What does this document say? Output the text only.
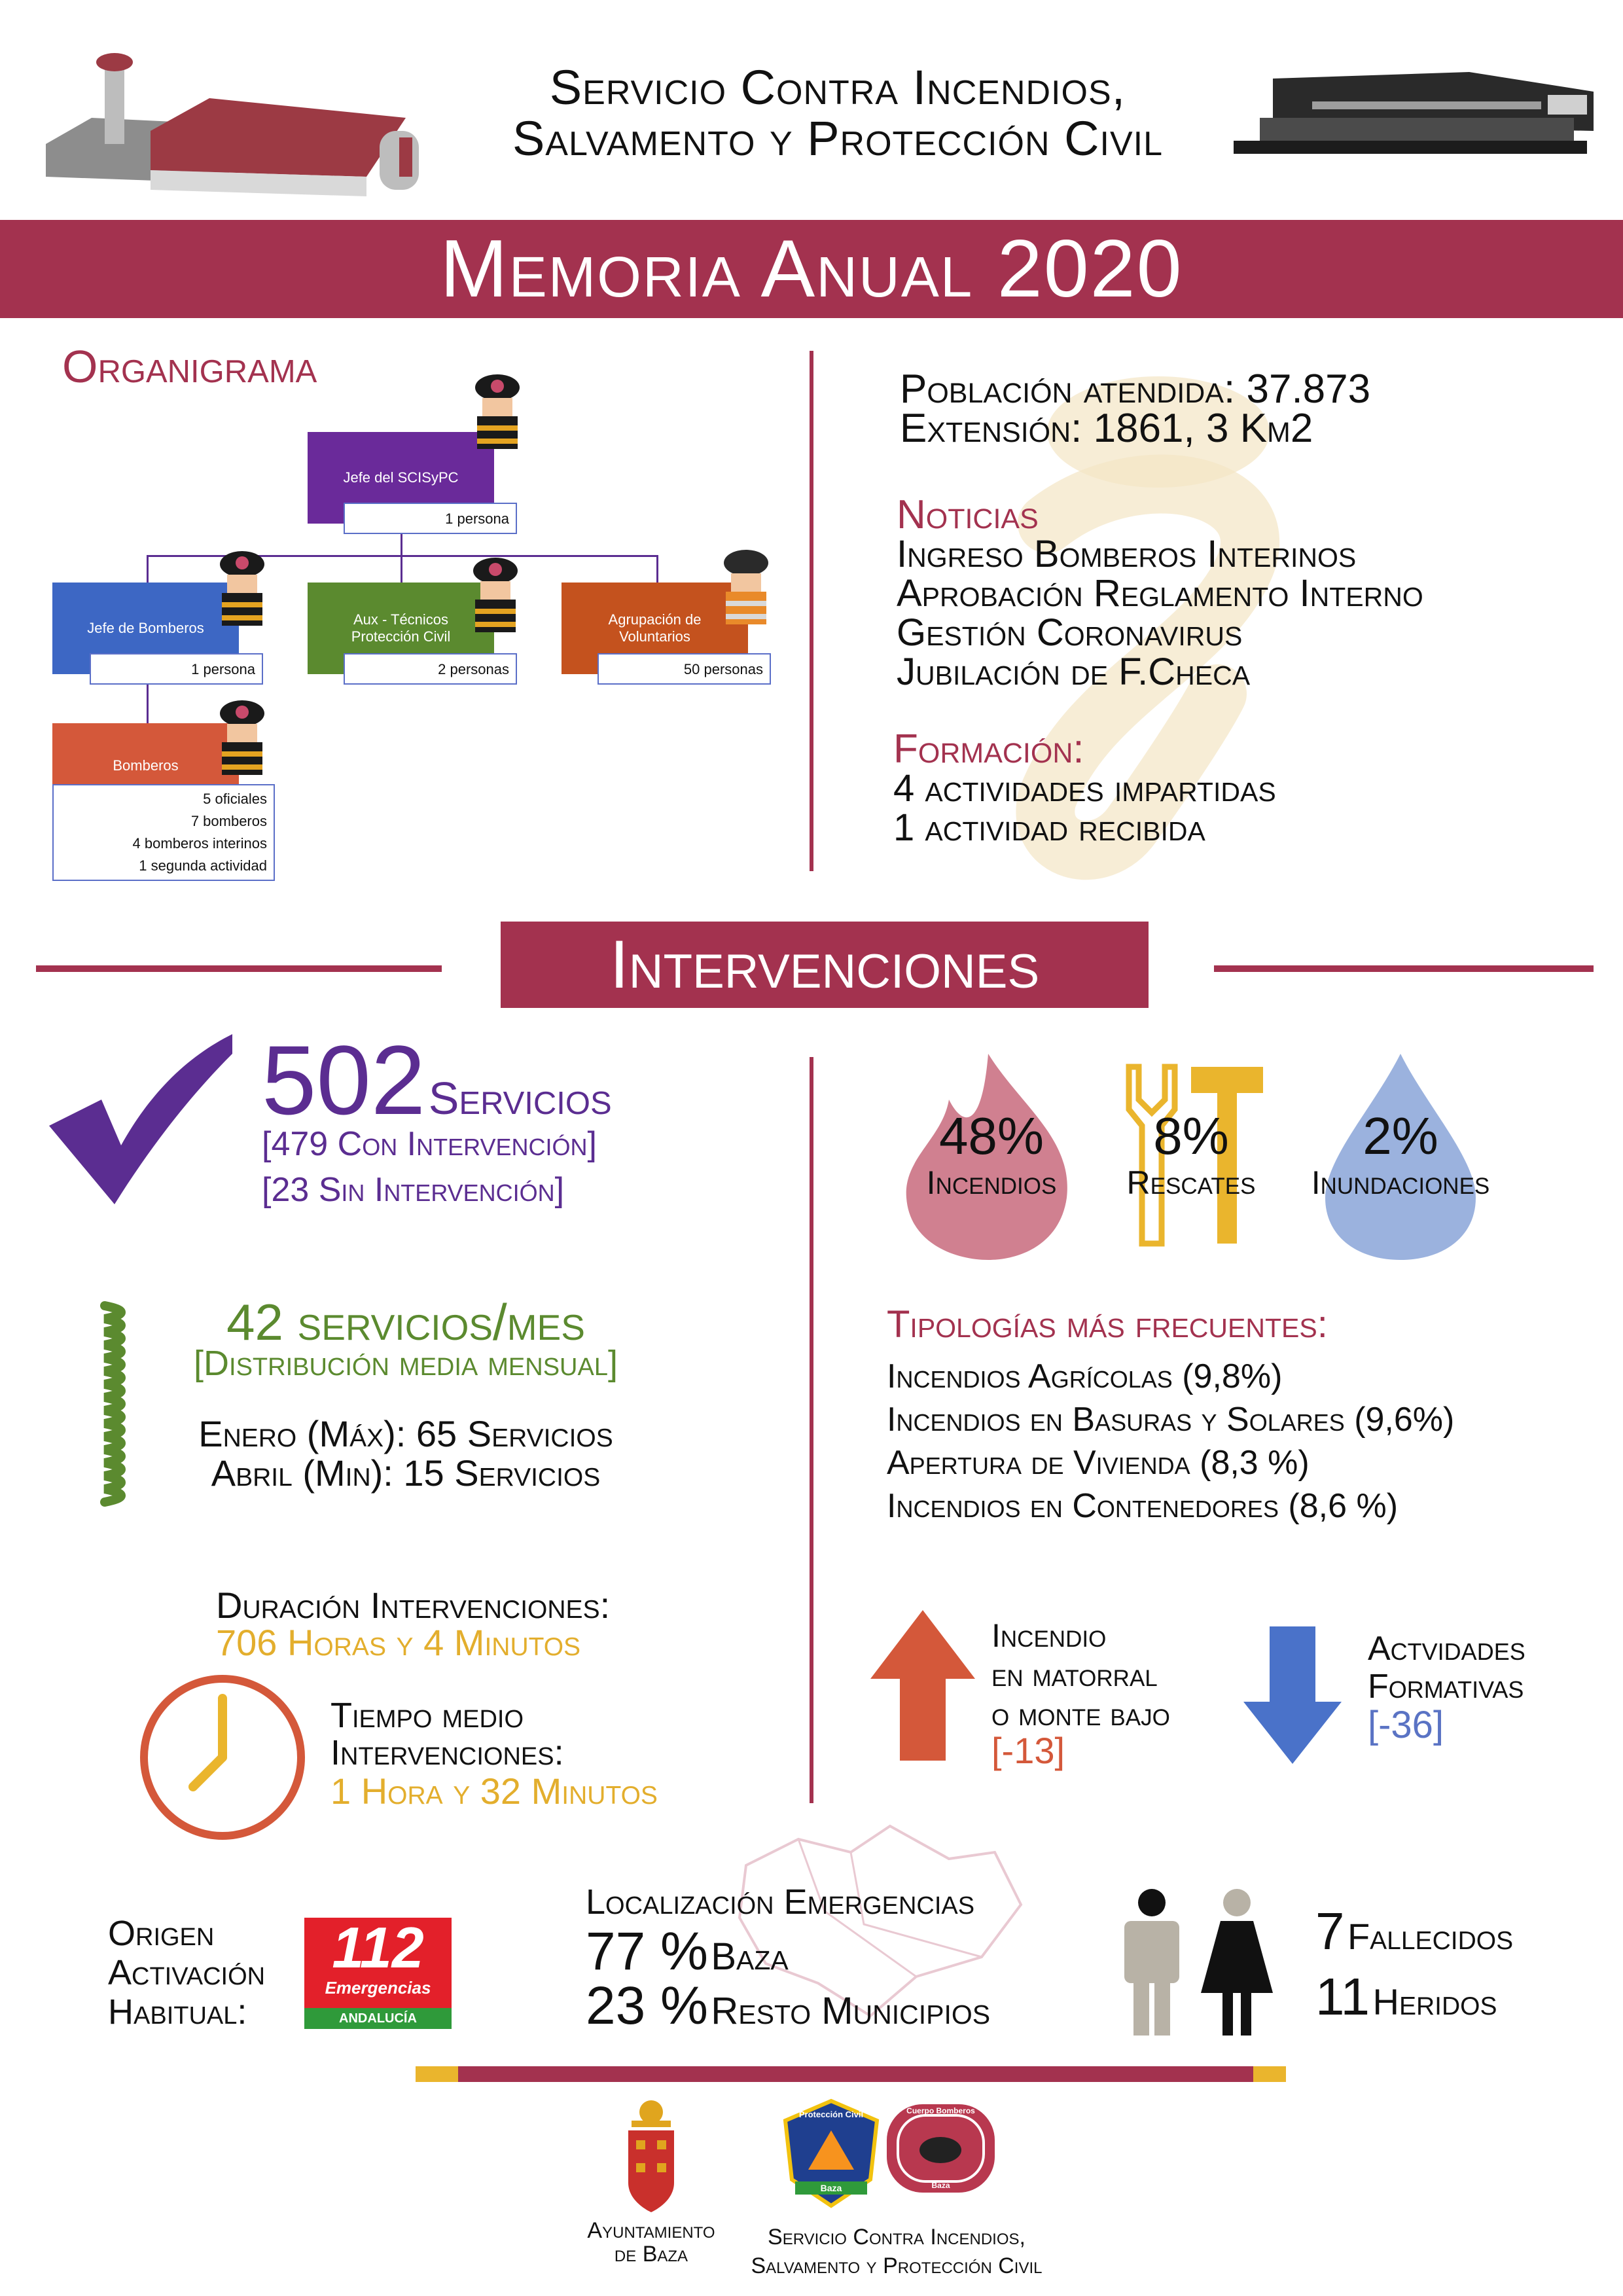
Servicio Contra Incendios,
Salvamento y Protección Civil
Memoria Anual 2020
Organigrama
Jefe del SCISyPC
1 persona
Jefe de Bomberos
1 persona
Aux - Técnicos
Protección Civil
2 personas
Agrupación de
Voluntarios
50 personas
Bomberos
5 oficiales
7 bomberos
4 bomberos interinos
1 segunda actividad
Población atendida: 37.873
Extensión: 1861, 3 Km2
Noticias
Ingreso Bomberos Interinos
Aprobación Reglamento Interno
Gestión Coronavirus
Jubilación de F.Checa
Formación:
4 actividades impartidas
1 actividad recibida
Intervenciones
502 Servicios
[479 Con Intervención]
[23 Sin Intervención]
42 servicios/mes
[Distribución media mensual]
Enero (Máx): 65 Servicios
Abril (Min): 15 Servicios
Duración Intervenciones:
706 Horas y 4 Minutos
Tiempo medio
Intervenciones:
1 Hora y 32 Minutos
48%
Incendios
8%
Rescates
2%
Inundaciones
Tipologías más frecuentes:
Incendios Agrícolas (9,8%)
Incendios en Basuras y Solares (9,6%)
Apertura de Vivienda (8,3 %)
Incendios en Contenedores (8,6 %)
Incendio
en matorral
o monte bajo
[-13]
Actvidades
Formativas
[-36]
Origen
Activación
Habitual:
112
Emergencias
ANDALUCÍA
Localización Emergencias
77 % Baza
23 % Resto Municipios
7 Fallecidos
11 Heridos
Ayuntamiento
de Baza
Protección Civil
Baza
Cuerpo Bomberos
Baza
Servicio Contra Incendios,
Salvamento y Protección Civil
